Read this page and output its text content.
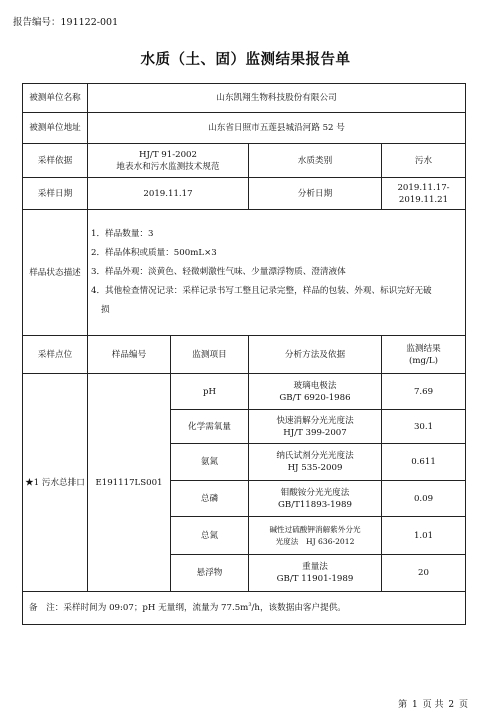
报告编号：191122-001
水质（土、固）监测结果报告单
被测单位名称	山东凯翔生物科技股份有限公司			
被测单位地址	山东省日照市五莲县城沿河路 52 号			
采样依据	HJ/T 91-2002
地表水和污水监测技术规范		水质类别	污水
采样日期	2019.11.17		分析日期	2019.11.17-2019.11.21
样品状态描述	1．样品数量：3
2．样品体积或质量：500mL×3
3．样品外观：淡黄色、轻微刺激性气味、少量漂浮物质、澄清液体
4．其他检查情况记录：采样记录书写工整且记录完整，样品的包装、外观、标识完好无破
损			

采样点位	样品编号	监测项目	分析方法及依据	监测结果
(mg/L)

★1 污水总排口	E191117LS001	pH	玻璃电极法
GB/T 6920-1986	7.69
		化学需氧量	快速消解分光光度法
HJ/T 399-2007	30.1
		氨氮	纳氏试剂分光光度法
HJ 535-2009	0.611
		总磷	钼酸铵分光光度法
GB/T11893-1989	0.09
		总氮	碱性过硫酸钾消解紫外分光
光度法　HJ 636-2012	1.01
		悬浮物	重量法
GB/T 11901-1989	20
备　注：采样时间为 09:07；pH 无量纲，流量为 $77.5m^3/h$，该数据由客户提供。				
第 1 页 共 2 页
